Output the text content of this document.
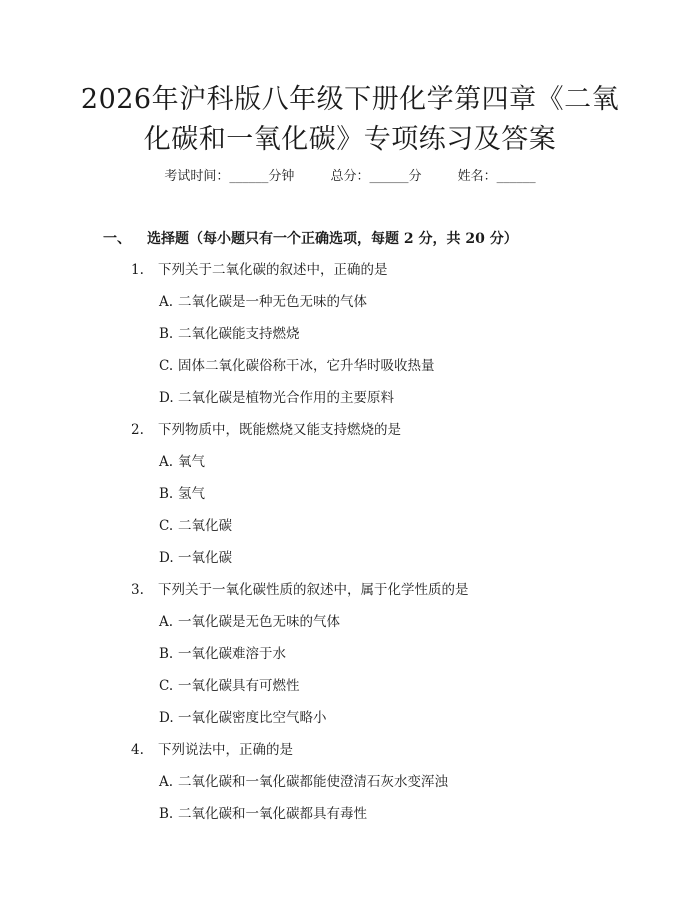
2026年沪科版八年级下册化学第四章《二氧
化碳和一氧化碳》专项练习及答案
考试时间：______分钟	总分：______分	姓名：______
一、 选择题（每小题只有一个正确选项，每题 2 分，共 20 分）
1. 下列关于二氧化碳的叙述中，正确的是
A. 二氧化碳是一种无色无味的气体
B. 二氧化碳能支持燃烧
C. 固体二氧化碳俗称干冰，它升华时吸收热量
D. 二氧化碳是植物光合作用的主要原料
2. 下列物质中，既能燃烧又能支持燃烧的是
A. 氧气
B. 氢气
C. 二氧化碳
D. 一氧化碳
3. 下列关于一氧化碳性质的叙述中，属于化学性质的是
A. 一氧化碳是无色无味的气体
B. 一氧化碳难溶于水
C. 一氧化碳具有可燃性
D. 一氧化碳密度比空气略小
4. 下列说法中，正确的是
A. 二氧化碳和一氧化碳都能使澄清石灰水变浑浊
B. 二氧化碳和一氧化碳都具有毒性
